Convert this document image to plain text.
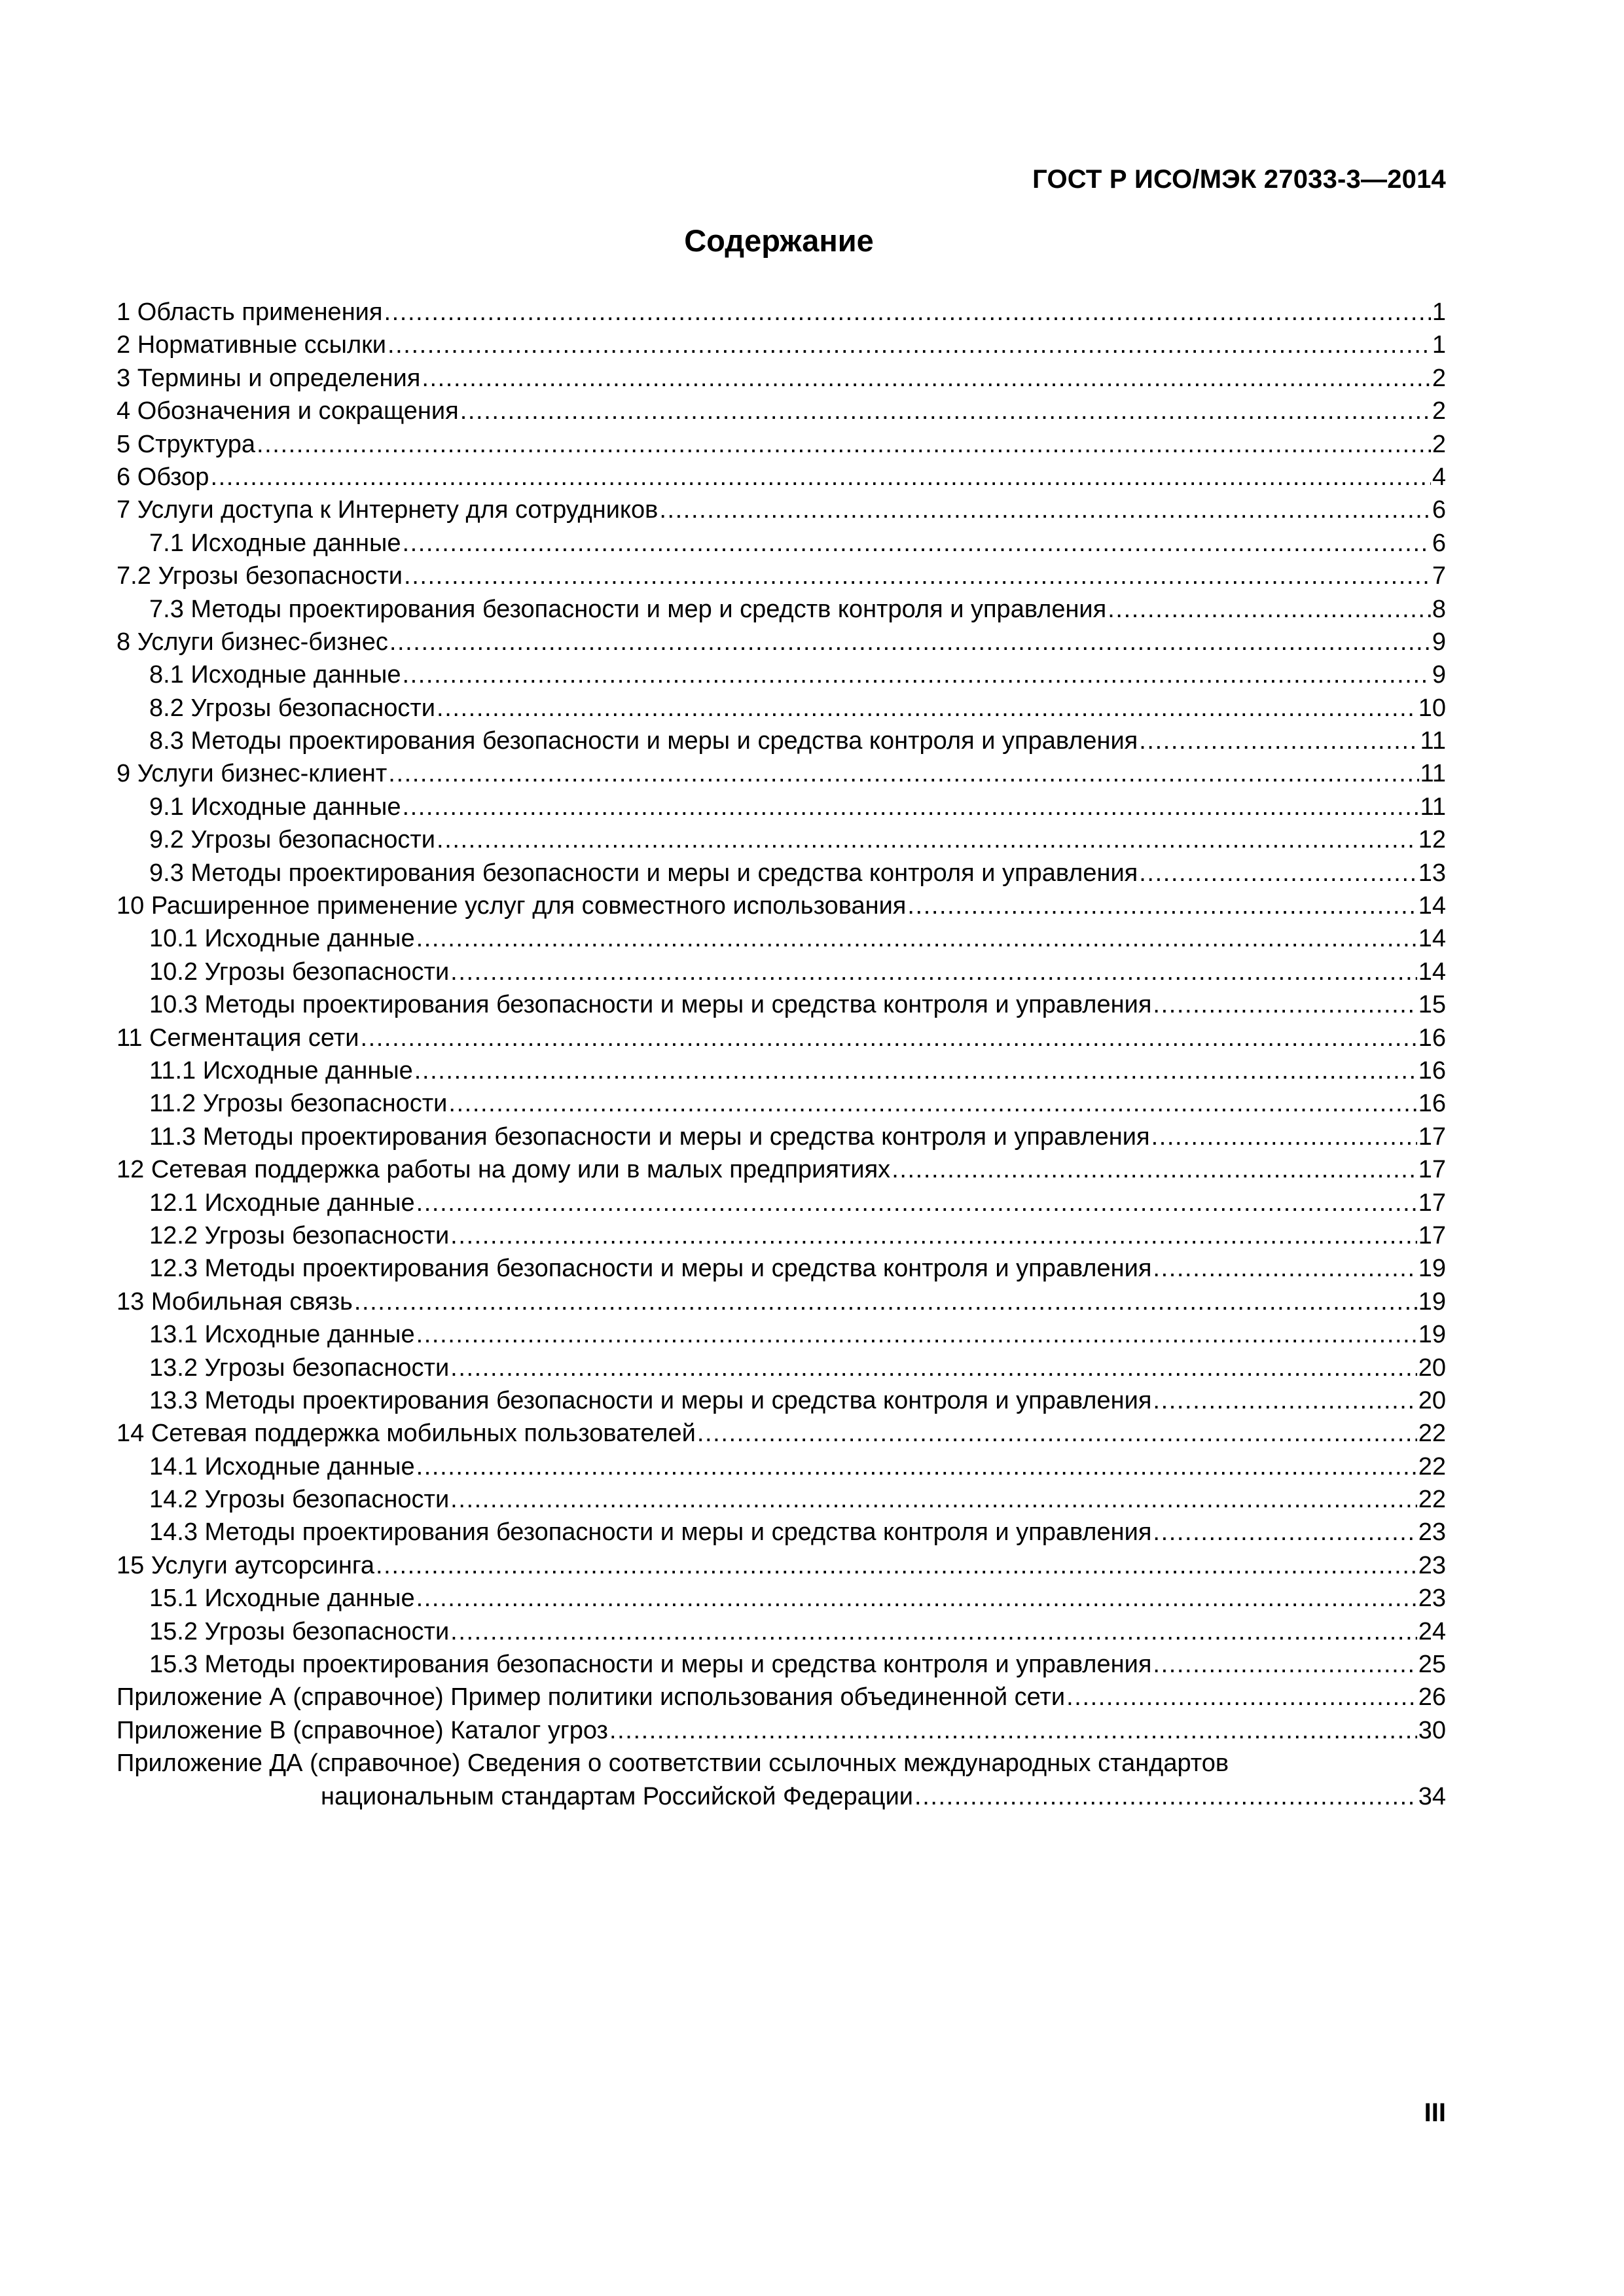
ГОСТ Р ИСО/МЭК 27033-3—2014
Содержание
1 Область применения .....	1
2 Нормативные ссылки .....	1
3 Термины и определения .....	2
4 Обозначения и сокращения .....	2
5 Структура .....	2
6 Обзор .....	4
7 Услуги доступа к Интернету для сотрудников .....	6
7.1 Исходные данные .....	6
7.2 Угрозы безопасности .....	7
7.3 Методы проектирования безопасности и мер и средств контроля и управления .....	8
8 Услуги бизнес-бизнес .....	9
8.1 Исходные данные .....	9
8.2 Угрозы безопасности .....	10
8.3 Методы проектирования безопасности и меры и средства контроля и управления .....	11
9 Услуги бизнес-клиент .....	11
9.1 Исходные данные .....	11
9.2 Угрозы безопасности .....	12
9.3 Методы проектирования безопасности и меры и средства контроля и управления .....	13
10 Расширенное применение услуг для совместного использования .....	14
10.1 Исходные данные .....	14
10.2 Угрозы безопасности .....	14
10.3 Методы проектирования безопасности и меры и средства контроля и управления .....	15
11 Сегментация сети .....	16
11.1 Исходные данные .....	16
11.2 Угрозы безопасности .....	16
11.3 Методы проектирования безопасности и меры и средства контроля и управления .....	17
12 Сетевая поддержка работы на дому или в малых предприятиях .....	17
12.1 Исходные данные .....	17
12.2 Угрозы безопасности .....	17
12.3 Методы проектирования безопасности и меры и средства контроля и управления .....	19
13 Мобильная связь .....	19
13.1 Исходные данные .....	19
13.2 Угрозы безопасности .....	20
13.3 Методы проектирования безопасности и меры и средства контроля и управления .....	20
14 Сетевая поддержка мобильных пользователей .....	22
14.1 Исходные данные .....	22
14.2 Угрозы безопасности .....	22
14.3 Методы проектирования безопасности и меры и средства контроля и управления .....	23
15 Услуги аутсорсинга .....	23
15.1 Исходные данные .....	23
15.2 Угрозы безопасности .....	24
15.3 Методы проектирования безопасности и меры и средства контроля и управления .....	25
Приложение А (справочное) Пример политики использования объединенной сети .....	26
Приложение В (справочное) Каталог угроз .....	30
Приложение ДА (справочное) Сведения о соответствии ссылочных международных стандартов
национальным стандартам Российской Федерации .....	34
III
